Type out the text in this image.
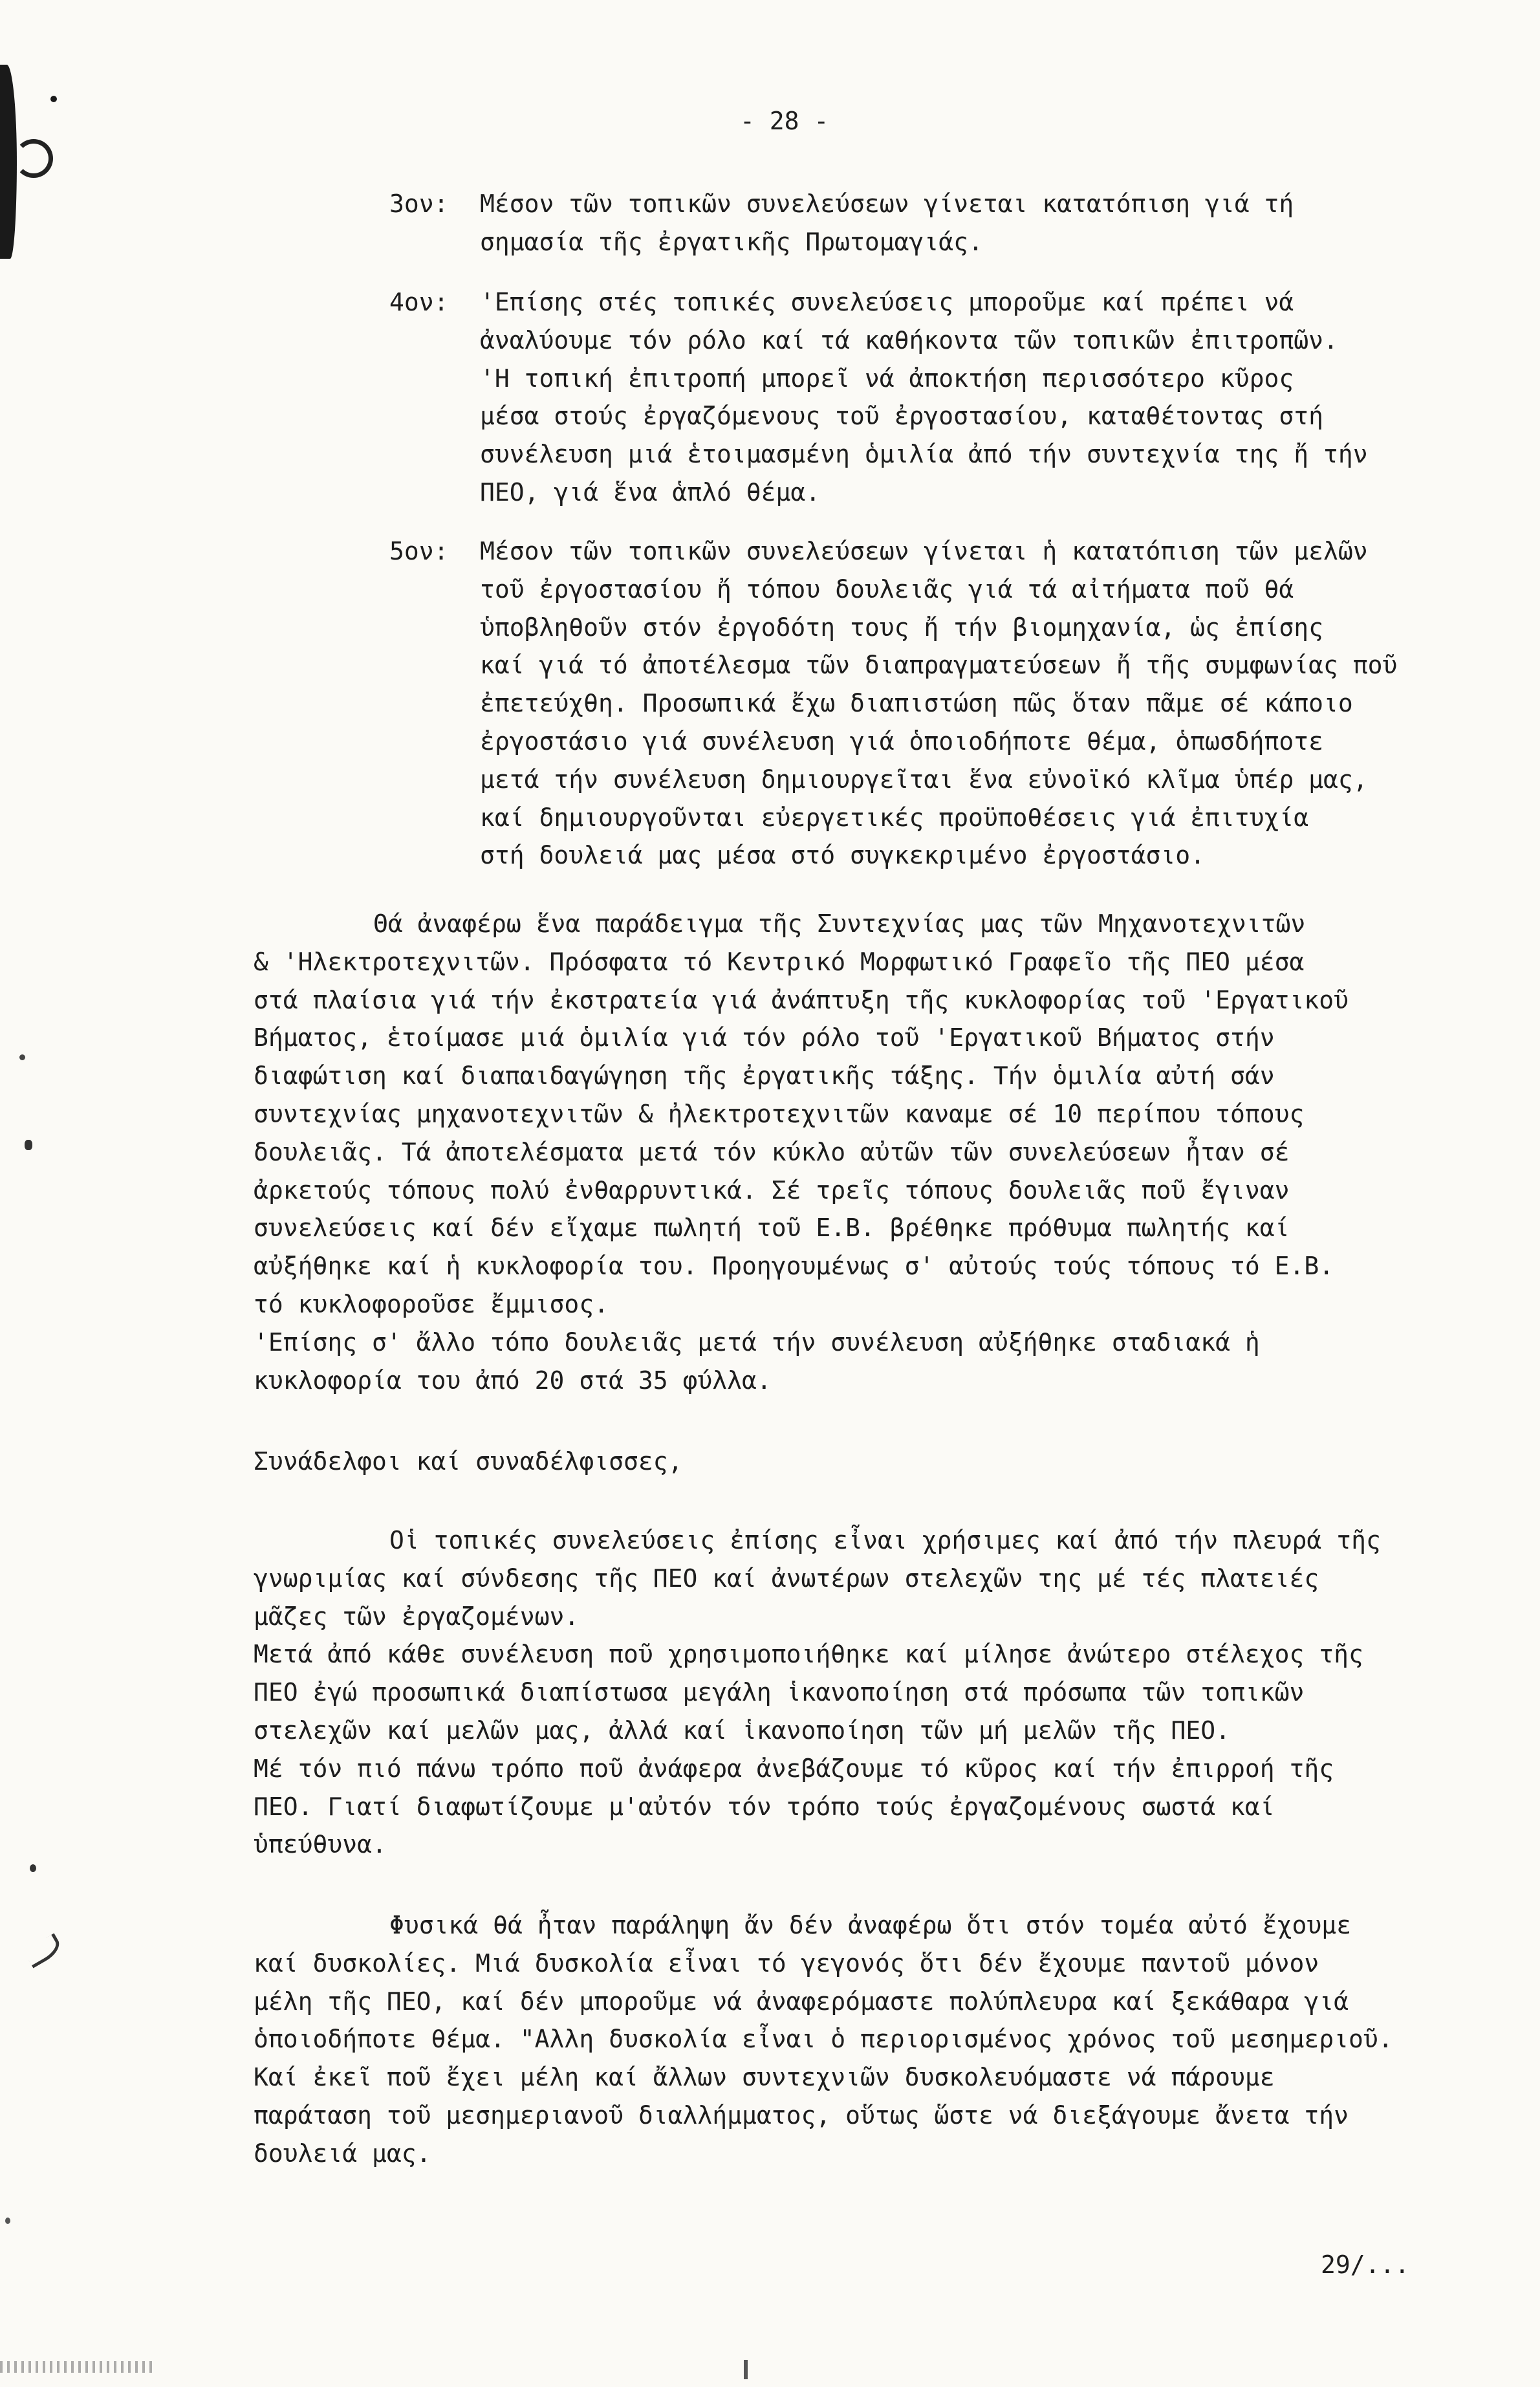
- 28 -
3ον: Μέσον τῶν τοπικῶν συνελεύσεων γίνεται κατατόπιση γιά τή
σημασία τῆς ἐργατικῆς Πρωτομαγιάς.
4ον: 'Επίσης στές τοπικές συνελεύσεις μποροῦμε καί πρέπει νά
ἀναλύουμε τόν ρόλο καί τά καθήκοντα τῶν τοπικῶν ἐπιτροπῶν.
'Η τοπική ἐπιτροπή μπορεῖ νά ἀποκτήση περισσότερο κῦρος
μέσα στούς ἐργαζόμενους τοῦ ἐργοστασίου, καταθέτοντας στή
συνέλευση μιά ἑτοιμασμένη ὁμιλία ἀπό τήν συντεχνία της ἤ τήν
ΠΕΟ, γιά ἕνα ἁπλό θέμα.
5ον: Μέσον τῶν τοπικῶν συνελεύσεων γίνεται ἡ κατατόπιση τῶν μελῶν
τοῦ ἐργοστασίου ἤ τόπου δουλειᾶς γιά τά αἰτήματα ποῦ θά
ὑποβληθοῦν στόν ἐργοδότη τους ἤ τήν βιομηχανία, ὡς ἐπίσης
καί γιά τό ἀποτέλεσμα τῶν διαπραγματεύσεων ἤ τῆς συμφωνίας ποῦ
ἐπετεύχθη. Προσωπικά ἔχω διαπιστώση πῶς ὅταν πᾶμε σέ κάποιο
ἐργοστάσιο γιά συνέλευση γιά ὁποιοδήποτε θέμα, ὁπωσδήποτε
μετά τήν συνέλευση δημιουργεῖται ἕνα εὐνοϊκό κλῖμα ὑπέρ μας,
καί δημιουργοῦνται εὐεργετικές προϋποθέσεις γιά ἐπιτυχία
στή δουλειά μας μέσα στό συγκεκριμένο ἐργοστάσιο.
Θά ἀναφέρω ἕνα παράδειγμα τῆς Συντεχνίας μας τῶν Μηχανοτεχνιτῶν
& 'Ηλεκτροτεχνιτῶν. Πρόσφατα τό Κεντρικό Μορφωτικό Γραφεῖο τῆς ΠΕΟ μέσα
στά πλαίσια γιά τήν ἐκστρατεία γιά ἀνάπτυξη τῆς κυκλοφορίας τοῦ 'Εργατικοῦ
Βήματος, ἑτοίμασε μιά ὁμιλία γιά τόν ρόλο τοῦ 'Εργατικοῦ Βήματος στήν
διαφώτιση καί διαπαιδαγώγηση τῆς ἐργατικῆς τάξης. Τήν ὁμιλία αὐτή σάν
συντεχνίας μηχανοτεχνιτῶν & ἠλεκτροτεχνιτῶν καναμε σέ 10 περίπου τόπους
δουλειᾶς. Τά ἀποτελέσματα μετά τόν κύκλο αὐτῶν τῶν συνελεύσεων ἦταν σέ
ἀρκετούς τόπους πολύ ἐνθαρρυντικά. Σέ τρεῖς τόπους δουλειᾶς ποῦ ἔγιναν
συνελεύσεις καί δέν εἴχαμε πωλητή τοῦ Ε.Β. βρέθηκε πρόθυμα πωλητής καί
αὐξήθηκε καί ἡ κυκλοφορία του. Προηγουμένως σ' αὐτούς τούς τόπους τό Ε.Β.
τό κυκλοφοροῦσε ἔμμισος.
'Επίσης σ' ἄλλο τόπο δουλειᾶς μετά τήν συνέλευση αὐξήθηκε σταδιακά ἡ
κυκλοφορία του ἀπό 20 στά 35 φύλλα.
Συνάδελφοι καί συναδέλφισσες,
Οἱ τοπικές συνελεύσεις ἐπίσης εἶναι χρήσιμες καί ἀπό τήν πλευρά τῆς
γνωριμίας καί σύνδεσης τῆς ΠΕΟ καί ἀνωτέρων στελεχῶν της μέ τές πλατειές
μᾶζες τῶν ἐργαζομένων.
Μετά ἀπό κάθε συνέλευση ποῦ χρησιμοποιήθηκε καί μίλησε ἀνώτερο στέλεχος τῆς
ΠΕΟ ἐγώ προσωπικά διαπίστωσα μεγάλη ἱκανοποίηση στά πρόσωπα τῶν τοπικῶν
στελεχῶν καί μελῶν μας, ἀλλά καί ἱκανοποίηση τῶν μή μελῶν τῆς ΠΕΟ.
Μέ τόν πιό πάνω τρόπο ποῦ ἀνάφερα ἀνεβάζουμε τό κῦρος καί τήν ἐπιρροή τῆς
ΠΕΟ. Γιατί διαφωτίζουμε μ'αὐτόν τόν τρόπο τούς ἐργαζομένους σωστά καί
ὑπεύθυνα.
Φυσικά θά ἦταν παράληψη ἄν δέν ἀναφέρω ὅτι στόν τομέα αὐτό ἔχουμε
καί δυσκολίες. Μιά δυσκολία εἶναι τό γεγονός ὅτι δέν ἔχουμε παντοῦ μόνον
μέλη τῆς ΠΕΟ, καί δέν μποροῦμε νά ἀναφερόμαστε πολύπλευρα καί ξεκάθαρα γιά
ὁποιοδήποτε θέμα. "Αλλη δυσκολία εἶναι ὁ περιορισμένος χρόνος τοῦ μεσημεριοῦ.
Καί ἐκεῖ ποῦ ἔχει μέλη καί ἄλλων συντεχνιῶν δυσκολευόμαστε νά πάρουμε
παράταση τοῦ μεσημεριανοῦ διαλλήμματος, οὕτως ὥστε νά διεξάγουμε ἄνετα τήν
δουλειά μας.
29/...
